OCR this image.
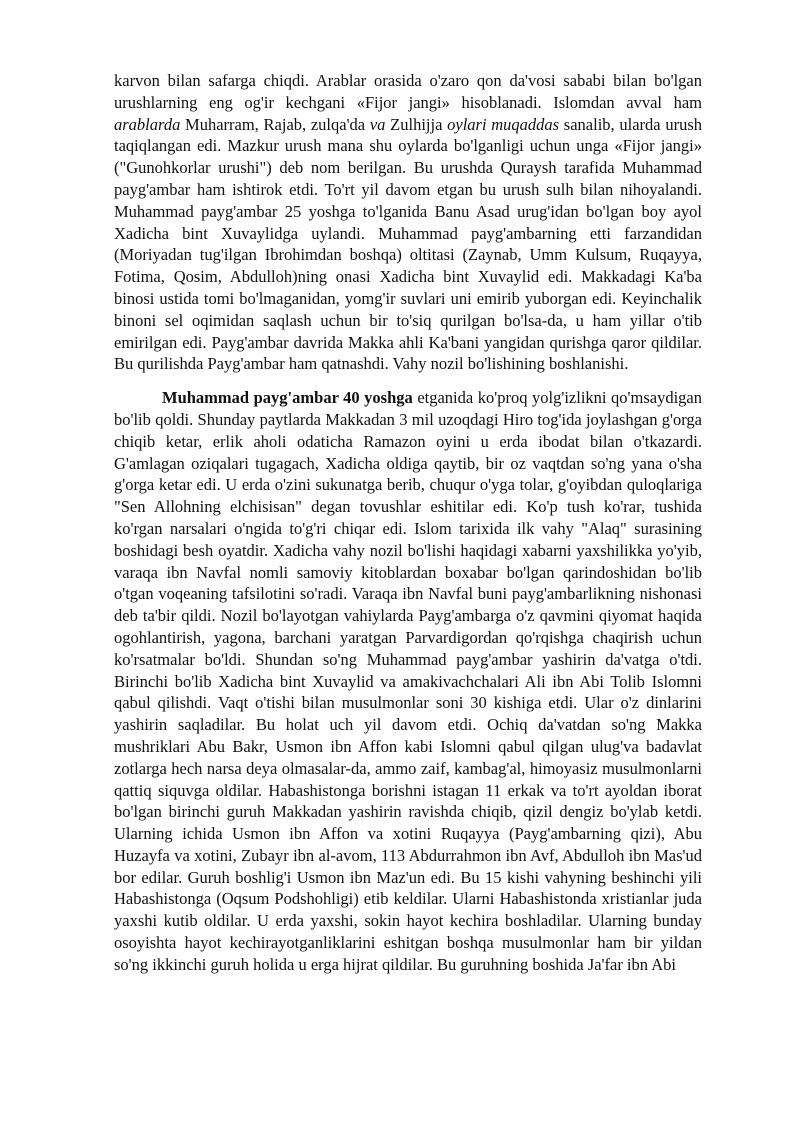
karvon bilan safarga chiqdi. Arablar orasida o'zaro qon da'vosi sababi bilan bo'lgan urushlarning eng og'ir kechgani «Fijor jangi» hisoblanadi. Islomdan avval ham arablarda Muharram, Rajab, zulqa'da va Zulhijja oylari muqaddas sanalib, ularda urush taqiqlangan edi. Mazkur urush mana shu oylarda bo'lganligi uchun unga «Fijor jangi» ("Gunohkorlar urushi") deb nom berilgan. Bu urushda Quraysh tarafida Muhammad payg'ambar ham ishtirok etdi. To'rt yil davom etgan bu urush sulh bilan nihoyalandi. Muhammad payg'ambar 25 yoshga to'lganida Banu Asad urug'idan bo'lgan boy ayol Xadicha bint Xuvaylidga uylandi. Muhammad payg'ambarning etti farzandidan (Moriyadan tug'ilgan Ibrohimdan boshqa) oltitasi (Zaynab, Umm Kulsum, Ruqayya, Fotima, Qosim, Abdulloh)ning onasi Xadicha bint Xuvaylid edi. Makkadagi Ka'ba binosi ustida tomi bo'lmaganidan, yomg'ir suvlari uni emirib yuborgan edi. Keyinchalik binoni sel oqimidan saqlash uchun bir to'siq qurilgan bo'lsa-da, u ham yillar o'tib emirilgan edi. Payg'ambar davrida Makka ahli Ka'bani yangidan qurishga qaror qildilar. Bu qurilishda Payg'ambar ham qatnashdi. Vahy nozil bo'lishining boshlanishi.

Muhammad payg'ambar 40 yoshga etganida ko'proq yolg'izlikni qo'msaydigan bo'lib qoldi. Shunday paytlarda Makkadan 3 mil uzoqdagi Hiro tog'ida joylashgan g'orga chiqib ketar, erlik aholi odaticha Ramazon oyini u erda ibodat bilan o'tkazardi. G'amlagan oziqalari tugagach, Xadicha oldiga qaytib, bir oz vaqtdan so'ng yana o'sha g'orga ketar edi. U erda o'zini sukunatga berib, chuqur o'yga tolar, g'oyibdan quloqlariga "Sen Allohning elchisisan" degan tovushlar eshitilar edi. Ko'p tush ko'rar, tushida ko'rgan narsalari o'ngida to'g'ri chiqar edi. Islom tarixida ilk vahy "Alaq" surasining boshidagi besh oyatdir. Xadicha vahy nozil bo'lishi haqidagi xabarni yaxshilikka yo'yib, varaqa ibn Navfal nomli samoviy kitoblardan boxabar bo'lgan qarindoshidan bo'lib o'tgan voqeaning tafsilotini so'radi. Varaqa ibn Navfal buni payg'ambarlikning nishonasi deb ta'bir qildi. Nozil bo'layotgan vahiylarda Payg'ambarga o'z qavmini qiyomat haqida ogohlantirish, yagona, barchani yaratgan Parvardigordan qo'rqishga chaqirish uchun ko'rsatmalar bo'ldi. Shundan so'ng Muhammad payg'ambar yashirin da'vatga o'tdi. Birinchi bo'lib Xadicha bint Xuvaylid va amakivachchalari Ali ibn Abi Tolib Islomni qabul qilishdi. Vaqt o'tishi bilan musulmonlar soni 30 kishiga etdi. Ular o'z dinlarini yashirin saqladilar. Bu holat uch yil davom etdi. Ochiq da'vatdan so'ng Makka mushriklari Abu Bakr, Usmon ibn Affon kabi Islomni qabul qilgan ulug'va badavlat zotlarga hech narsa deya olmasalar-da, ammo zaif, kambag'al, himoyasiz musulmonlarni qattiq siquvga oldilar. Habashistonga borishni istagan 11 erkak va to'rt ayoldan iborat bo'lgan birinchi guruh Makkadan yashirin ravishda chiqib, qizil dengiz bo'ylab ketdi. Ularning ichida Usmon ibn Affon va xotini Ruqayya (Payg'ambarning qizi), Abu Huzayfa va xotini, Zubayr ibn al-avom, 113 Abdurrahmon ibn Avf, Abdulloh ibn Mas'ud bor edilar. Guruh boshlig'i Usmon ibn Maz'un edi. Bu 15 kishi vahyning beshinchi yili Habashistonga (Oqsum Podshohligi) etib keldilar. Ularni Habashistonda xristianlar juda yaxshi kutib oldilar. U erda yaxshi, sokin hayot kechira boshladilar. Ularning bunday osoyishta hayot kechirayotganliklarini eshitgan boshqa musulmonlar ham bir yildan so'ng ikkinchi guruh holida u erga hijrat qildilar. Bu guruhning boshida Ja'far ibn Abi
